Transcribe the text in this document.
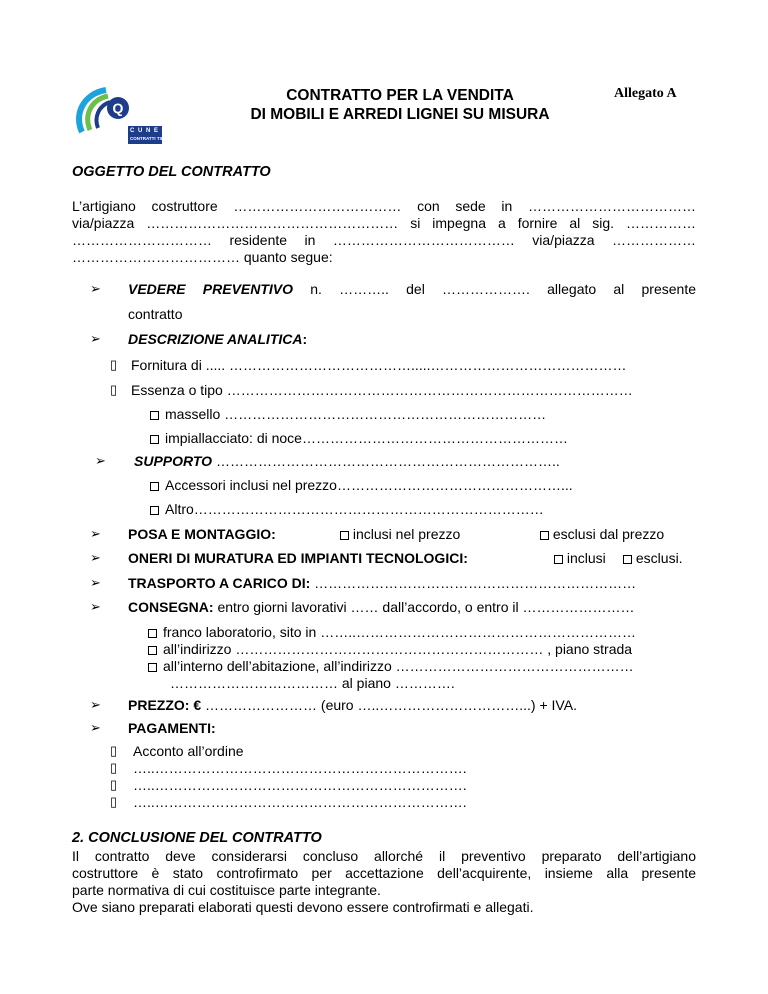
Q
C U N E O
CONTRATTI TIPO
CONTRATTO PER LA VENDITA
DI MOBILI E ARREDI LIGNEI SU MISURA
Allegato A
OGGETTO DEL CONTRATTO
L’artigiano costruttore ……………………………… con sede in ………………………………
via/piazza ……………………………………………… si impegna a fornire al sig. ……………
………………………… residente in ………………………………… via/piazza ………………
……………………………… quanto segue:
➢ VEDERE PREVENTIVO n. ……….. del ………………. allegato al presente
contratto
➢ DESCRIZIONE ANALITICA:
▯ Fornitura di ..... ………………………………….....……………………………………
▯ Essenza o tipo ……………………………………………………………………………
massello ……………………………………………………………
impiallacciato: di noce…………………………………………………
➢ SUPPORTO ………………………………………………………………..
Accessori inclusi nel prezzo…………………………………………...
Altro…………………………………………………………………
➢ POSA E MONTAGGIO:	inclusi nel prezzo	esclusi dal prezzo
➢ ONERI DI MURATURA ED IMPIANTI TECNOLOGICI:	inclusi	esclusi.
➢ TRASPORTO A CARICO DI: ……………………………………………………………
➢ CONSEGNA: entro giorni lavorativi …… dall’accordo, o entro il ……………………
franco laboratorio, sito in ……..……………………………………………………
all’indirizzo ………………………………………………………… , piano strada
all’interno dell’abitazione, all’indirizzo ……………………………………………
……………………………… al piano ………….
➢ PREZZO: € …………………… (euro …..…………………………...) + IVA.
➢ PAGAMENTI:
▯ Acconto all’ordine
▯ …..………………………………………………………….
▯ …..………………………………………………………….
▯ …..………………………………………………………….
2. CONCLUSIONE DEL CONTRATTO
Il contratto deve considerarsi concluso allorché il preventivo preparato dell’artigiano
costruttore è stato controfirmato per accettazione dell’acquirente, insieme alla presente
parte normativa di cui costituisce parte integrante.
Ove siano preparati elaborati questi devono essere controfirmati e allegati.
